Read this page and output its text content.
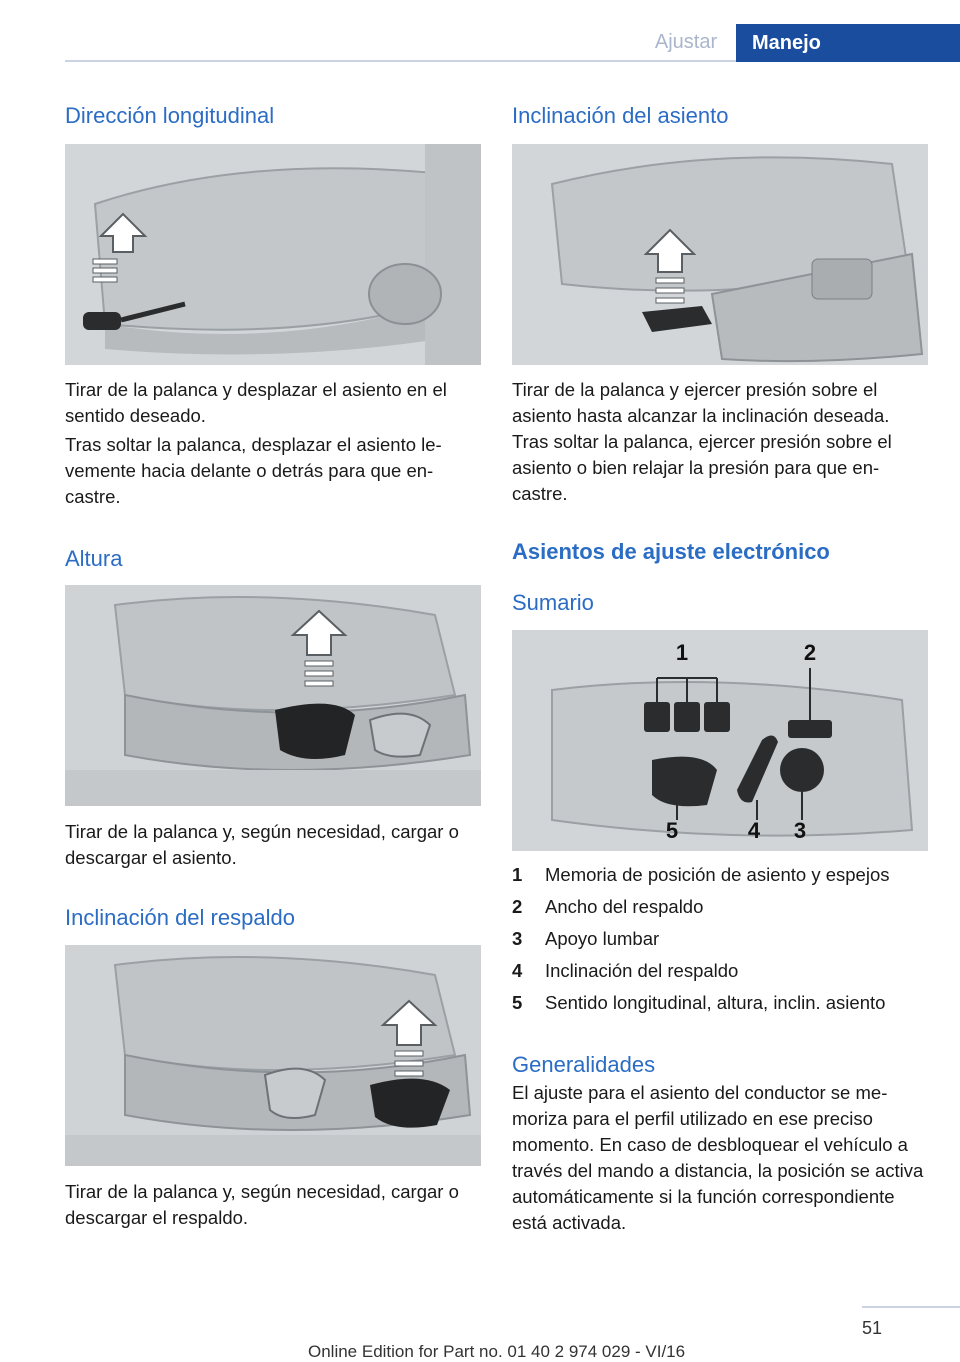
Ajustar	Manejo
Dirección longitudinal

Tirar de la palanca y desplazar el asiento en el sentido deseado.

Tras soltar la palanca, desplazar el asiento levemente hacia delante o detrás para que encastre.

Altura

Tirar de la palanca y, según necesidad, cargar o descargar el asiento.

Inclinación del respaldo

Tirar de la palanca y, según necesidad, cargar o descargar el respaldo.

Inclinación del asiento

Tirar de la palanca y ejercer presión sobre el asiento hasta alcanzar la inclinación deseada. Tras soltar la palanca, ejercer presión sobre el asiento o bien relajar la presión para que encastre.

Asientos de ajuste electrónico
Sumario
1	2
5	4 3
1	Memoria de posición de asiento y espejos
2	Ancho del respaldo
3	Apoyo lumbar
4	Inclinación del respaldo
5	Sentido longitudinal, altura, inclin. asiento
Generalidades

El ajuste para el asiento del conductor se memoriza para el perfil utilizado en ese preciso momento. En caso de desbloquear el vehículo a través del mando a distancia, la posición se activa automáticamente si la función correspondiente está activada.

51
Online Edition for Part no. 01 40 2 974 029 - VI/16
